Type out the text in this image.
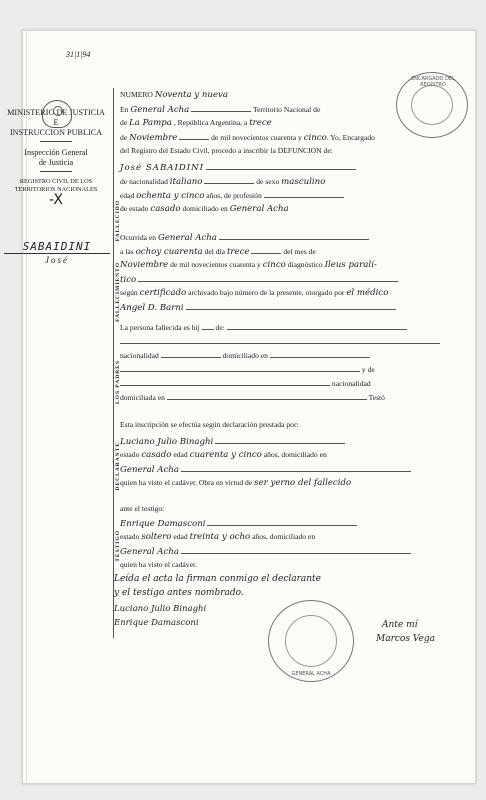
31|1|94
MINISTERIO DE JUSTICIA
E
INSTRUCCION PUBLICA
Inspección General
de Justicia
REGISTRO CIVIL DE LOS
TERRITORIOS NACIONALES
-X
SABAIDINI
José
FALLECIDO
FALLECIMIENTO
LOS PADRES
DECLARANTE
TESTIGO
NUMERO Noventa y nueva
En General Acha	Territorio Nacional de
de La Pampa , República Argentina, a trece
de Noviembre	de mil novecientos cuarenta y cinco. Yo, Encargado
del Registro del Estado Civil, procedo a inscribir la DEFUNCION de:
José SABAIDINI
de nacionalidad italiano	de sexo masculino
edad ochenta y cinco años, de profesión
de estado casado domiciliado en General Acha
Ocurrida en General Acha
a las ochoy cuarenta del día trece	del mes de
Noviembre de mil novecientos cuarenta y cinco diagnóstico Ileus paralí-
tico
según certificado archivado bajo número de la presente, otorgado por el médico
Angel D. Barni
La persona fallecida es hij de:
nacionalidad	domiciliado en
y de
nacionalidad
domiciliada en	Testó
Esta inscripción se efectúa según declaración prestada por:
Luciano Julio Binaghi
estado casado edad cuarenta y cinco años, domiciliado en
General Acha
quien ha visto el cadáver. Obra en virtud de ser yerno del fallecido
ante el testigo:
Enrique Damasconi
estado soltero edad treinta y ocho años, domiciliado en
General Acha
quien ha visto el cadáver.
Leída el acta la firman conmigo el declarante
y el testigo antes nombrado.
Luciano Julio Binaghi
Enrique Damasconi	Ante mí
Marcos Vega
ENCARGADO DEL REGISTRO
GENERAL ACHA
